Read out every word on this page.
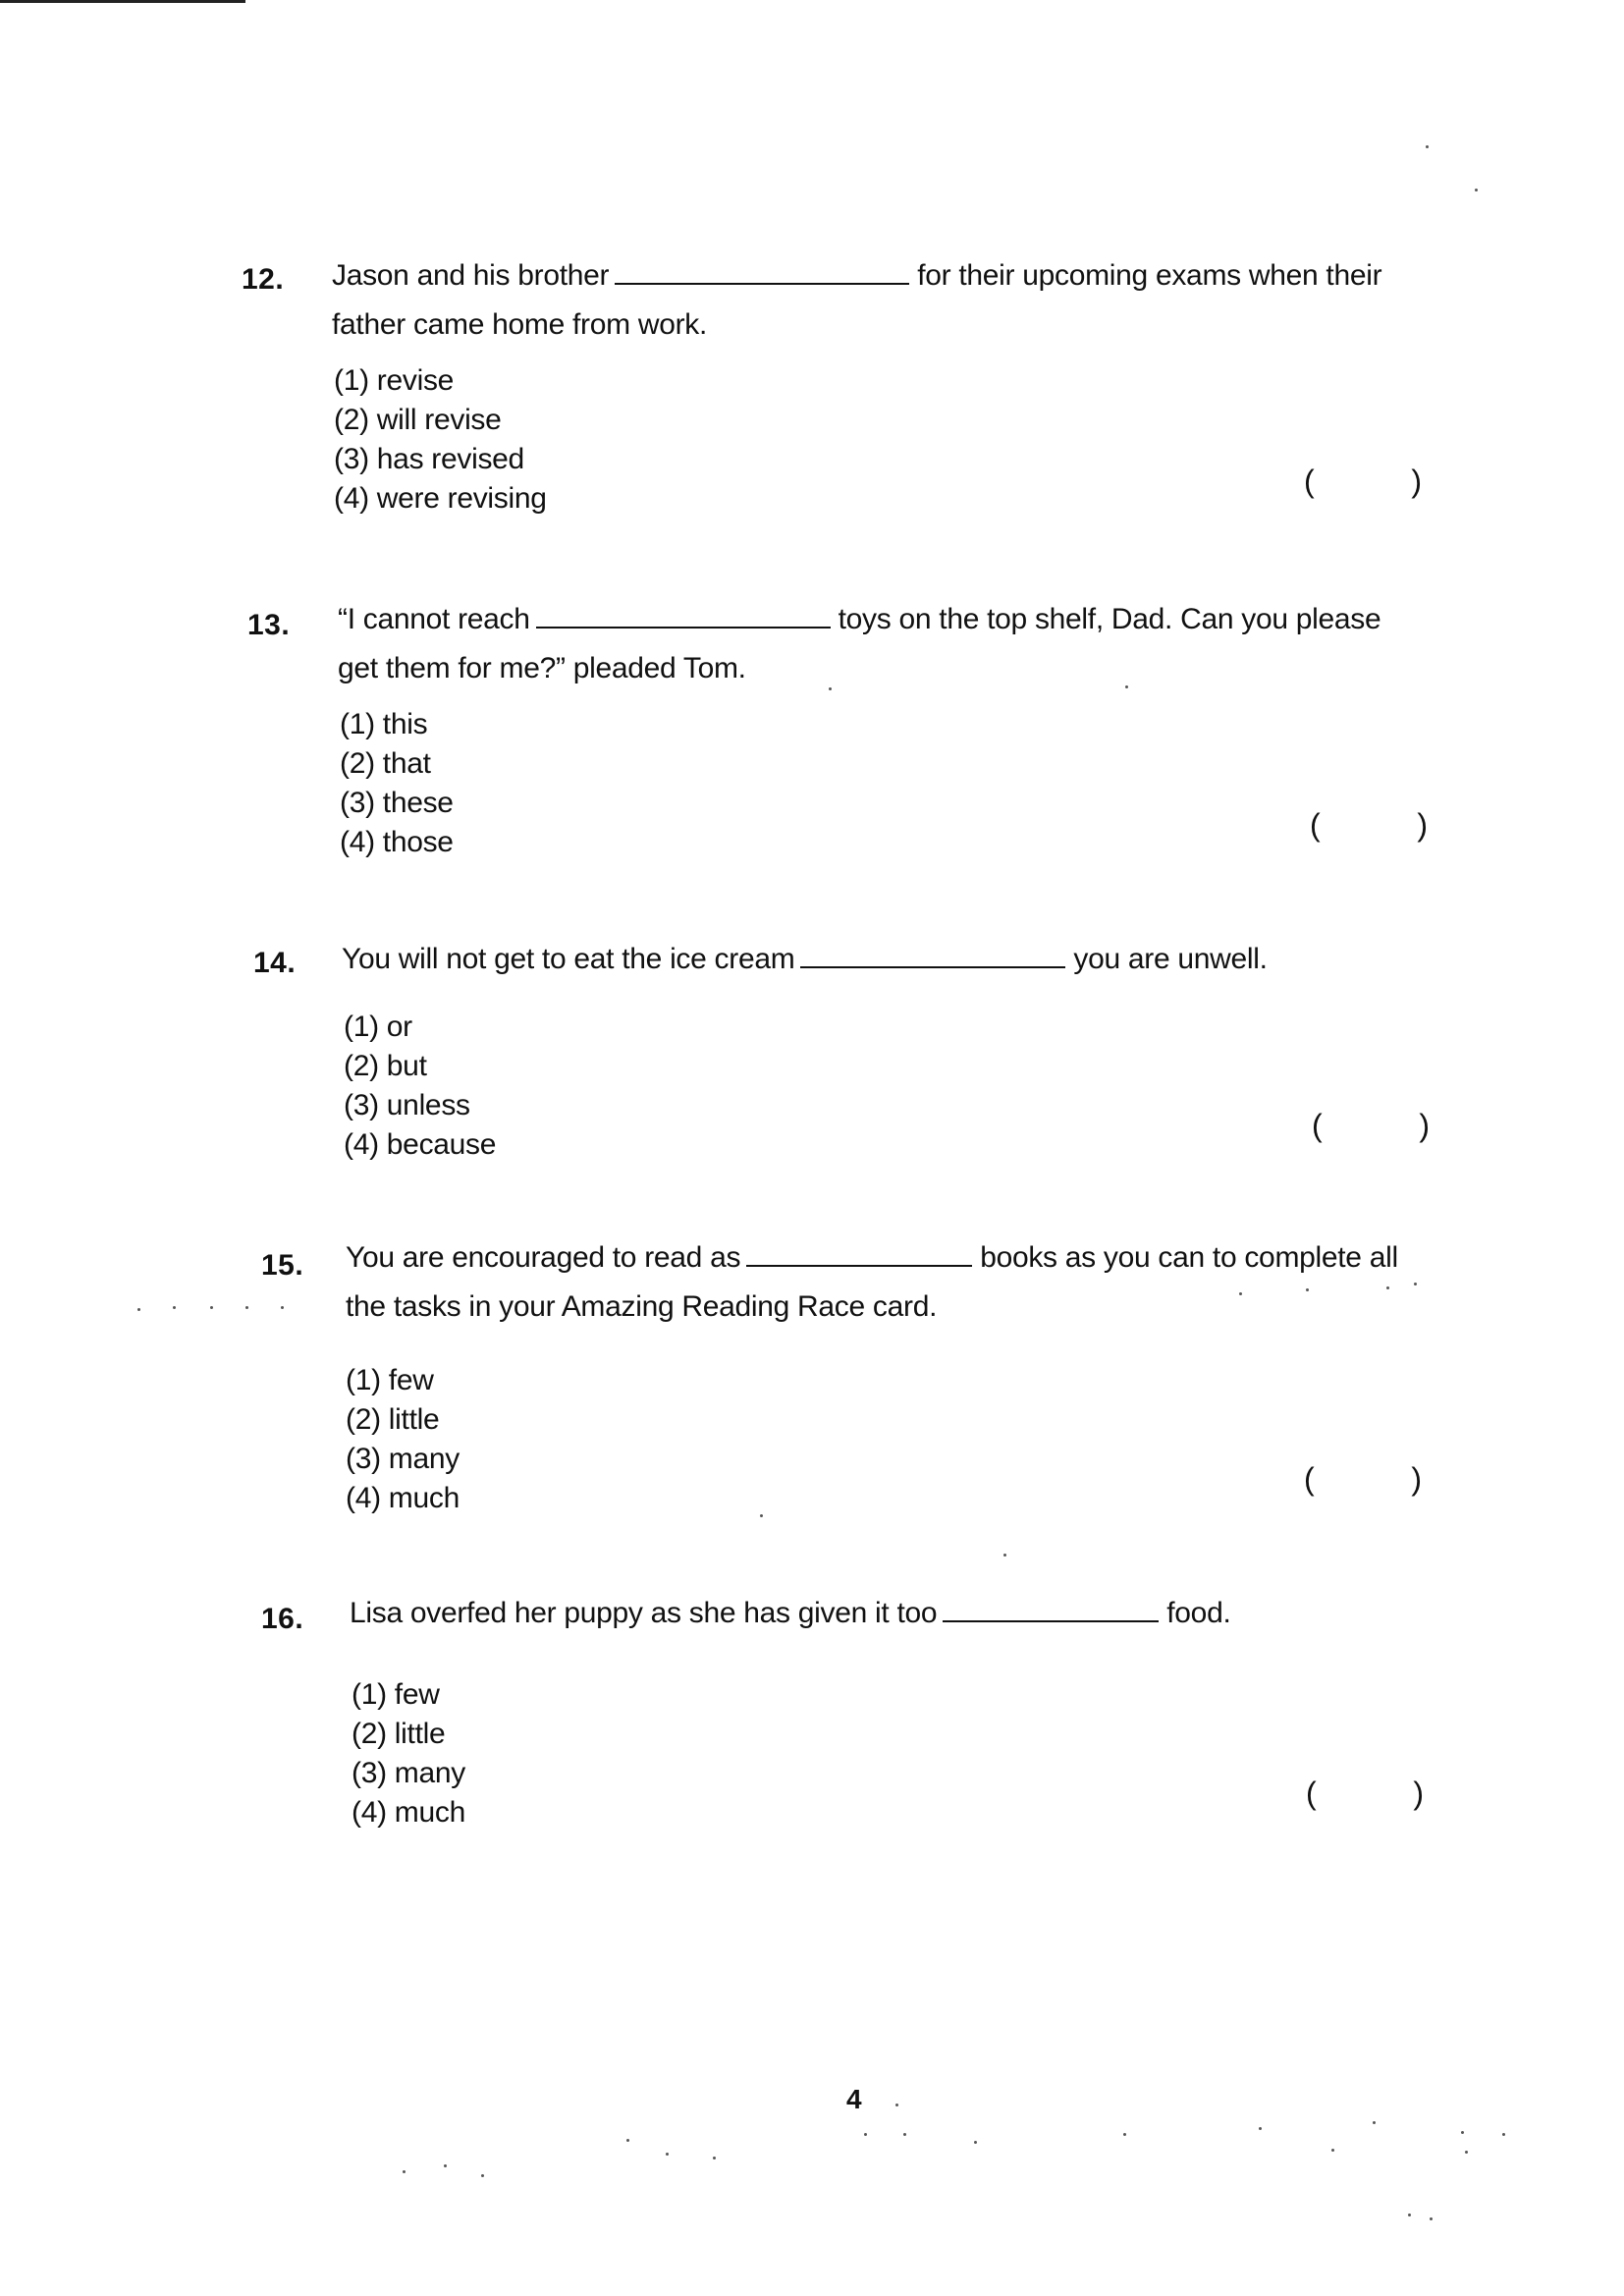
12. Jason and his brother	for their upcoming exams when their father came home from work.
(1) revise
(2) will revise
(3) has revised
(4) were revising	(	)
13. “I cannot reach	toys on the top shelf, Dad. Can you please get them for me?” pleaded Tom.
(1) this
(2) that
(3) these
(4) those	(	)
14. You will not get to eat the ice cream	you are unwell.
(1) or
(2) but
(3) unless
(4) because
(	)
15. You are encouraged to read as	books as you can to complete all the tasks in your Amazing Reading Race card.
(1) few
(2) little
(3) many
(4) much
(	)
16. Lisa overfed her puppy as she has given it too	food.
(1) few
(2) little
(3) many
(4) much
(	)
4
